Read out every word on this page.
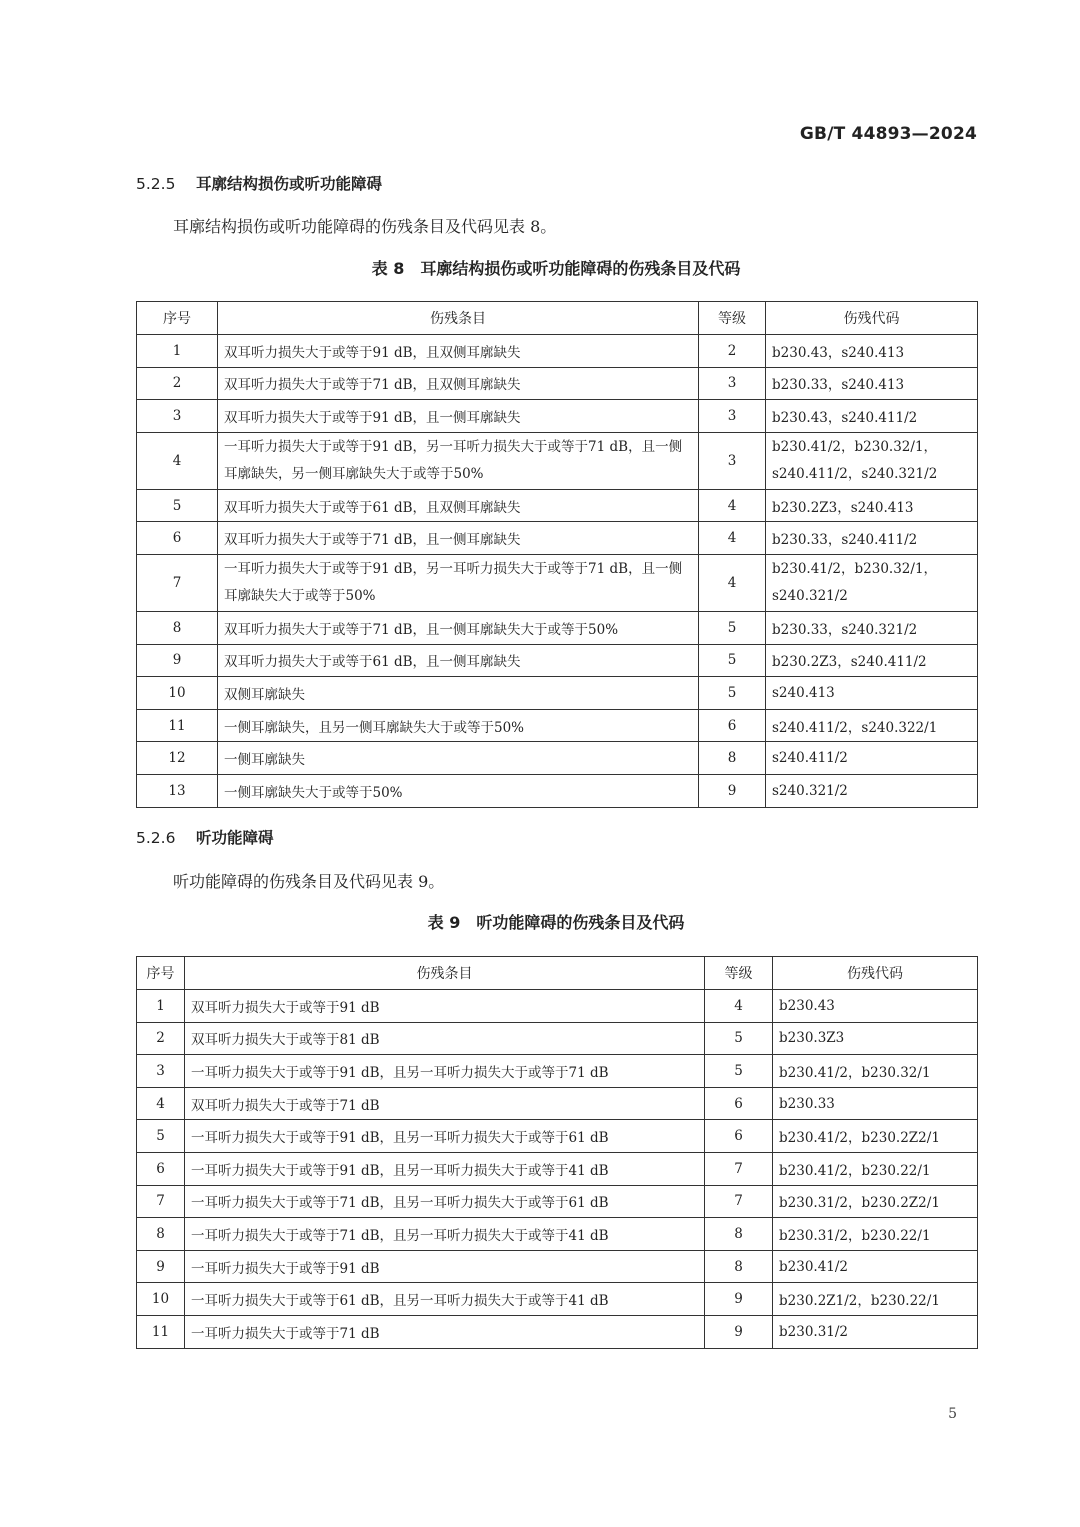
GB/T 44893—2024
5.2.5 耳廓结构损伤或听功能障碍
耳廓结构损伤或听功能障碍的伤残条目及代码见表 8。
表 8　耳廓结构损伤或听功能障碍的伤残条目及代码
序号	伤残条目	等级	伤残代码
1	双耳听力损失大于或等于91 dB，且双侧耳廓缺失	2	b230.43，s240.413
2	双耳听力损失大于或等于71 dB，且双侧耳廓缺失	3	b230.33，s240.413
3	双耳听力损失大于或等于91 dB，且一侧耳廓缺失	3	b230.43，s240.411/2
4	一耳听力损失大于或等于91 dB，另一耳听力损失大于或等于71 dB，且一侧耳廓缺失，另一侧耳廓缺失大于或等于50%	3	b230.41/2，b230.32/1，s240.411/2，s240.321/2
5	双耳听力损失大于或等于61 dB，且双侧耳廓缺失	4	b230.2Z3，s240.413
6	双耳听力损失大于或等于71 dB，且一侧耳廓缺失	4	b230.33，s240.411/2
7	一耳听力损失大于或等于91 dB，另一耳听力损失大于或等于71 dB，且一侧耳廓缺失大于或等于50%	4	b230.41/2，b230.32/1，s240.321/2
8	双耳听力损失大于或等于71 dB，且一侧耳廓缺失大于或等于50%	5	b230.33，s240.321/2
9	双耳听力损失大于或等于61 dB，且一侧耳廓缺失	5	b230.2Z3，s240.411/2
10	双侧耳廓缺失	5	s240.413
11	一侧耳廓缺失，且另一侧耳廓缺失大于或等于50%	6	s240.411/2，s240.322/1
12	一侧耳廓缺失	8	s240.411/2
13	一侧耳廓缺失大于或等于50%	9	s240.321/2
5.2.6 听功能障碍
听功能障碍的伤残条目及代码见表 9。
表 9　听功能障碍的伤残条目及代码
序号	伤残条目	等级	伤残代码
1	双耳听力损失大于或等于91 dB	4	b230.43
2	双耳听力损失大于或等于81 dB	5	b230.3Z3
3	一耳听力损失大于或等于91 dB，且另一耳听力损失大于或等于71 dB	5	b230.41/2，b230.32/1
4	双耳听力损失大于或等于71 dB	6	b230.33
5	一耳听力损失大于或等于91 dB，且另一耳听力损失大于或等于61 dB	6	b230.41/2，b230.2Z2/1
6	一耳听力损失大于或等于91 dB，且另一耳听力损失大于或等于41 dB	7	b230.41/2，b230.22/1
7	一耳听力损失大于或等于71 dB，且另一耳听力损失大于或等于61 dB	7	b230.31/2，b230.2Z2/1
8	一耳听力损失大于或等于71 dB，且另一耳听力损失大于或等于41 dB	8	b230.31/2，b230.22/1
9	一耳听力损失大于或等于91 dB	8	b230.41/2
10	一耳听力损失大于或等于61 dB，且另一耳听力损失大于或等于41 dB	9	b230.2Z1/2，b230.22/1
11	一耳听力损失大于或等于71 dB	9	b230.31/2
5
